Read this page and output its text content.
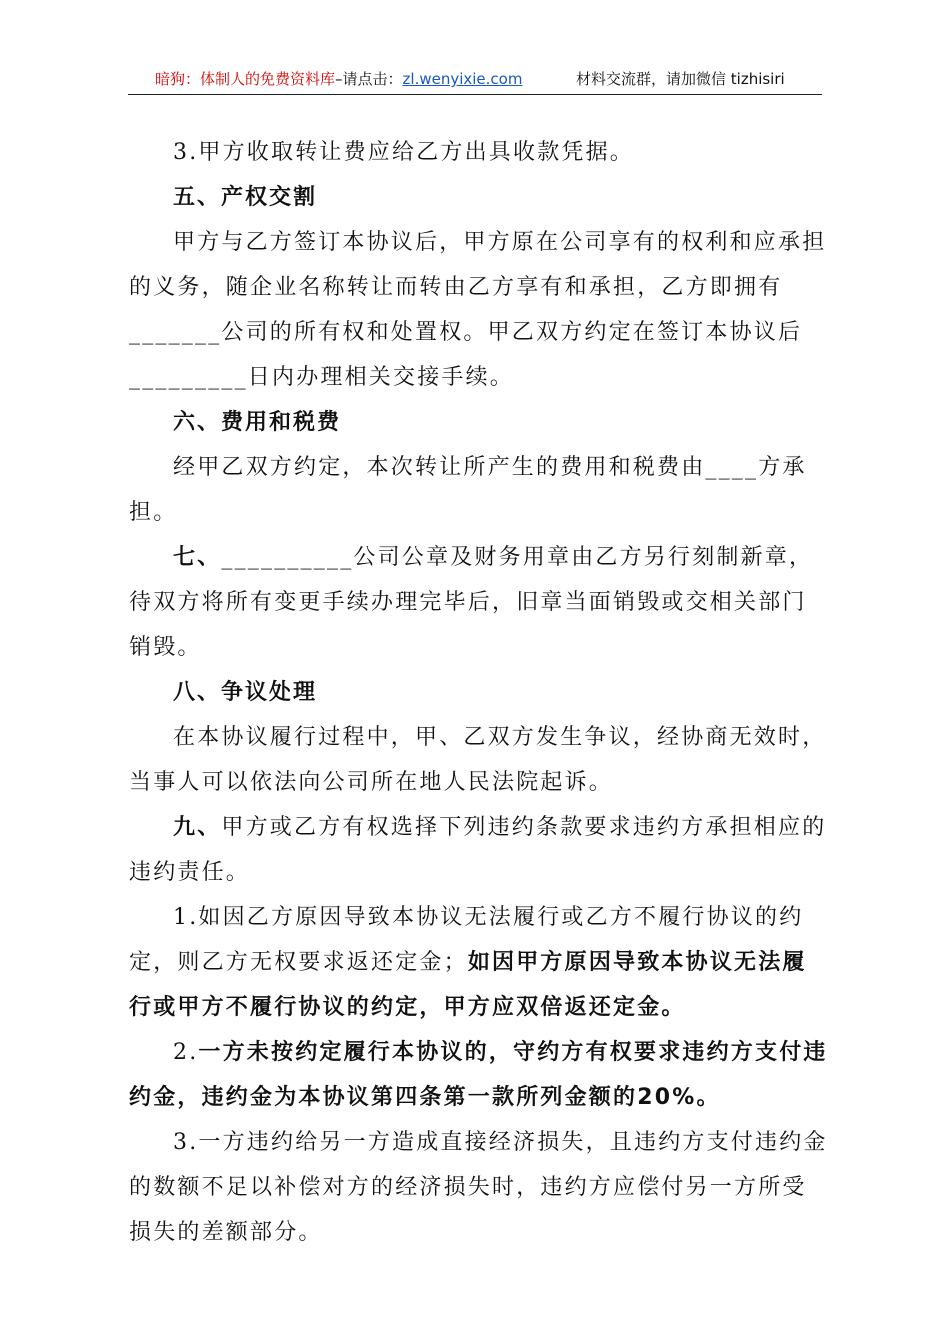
暗狗：体制人的免费资料库–请点击：zl.wenyixie.com	材料交流群，请加微信 tizhisiri

3.甲方收取转让费应给乙方出具收款凭据。

五、产权交割

甲方与乙方签订本协议后，甲方原在公司享有的权利和应承担的义务，随企业名称转让而转由乙方享有和承担，乙方即拥有_______公司的所有权和处置权。甲乙双方约定在签订本协议后_________日内办理相关交接手续。

六、费用和税费

经甲乙双方约定，本次转让所产生的费用和税费由____方承担。

七、__________公司公章及财务用章由乙方另行刻制新章，待双方将所有变更手续办理完毕后，旧章当面销毁或交相关部门销毁。

八、争议处理

在本协议履行过程中，甲、乙双方发生争议，经协商无效时，当事人可以依法向公司所在地人民法院起诉。

九、甲方或乙方有权选择下列违约条款要求违约方承担相应的违约责任。

1.如因乙方原因导致本协议无法履行或乙方不履行协议的约定，则乙方无权要求返还定金；如因甲方原因导致本协议无法履行或甲方不履行协议的约定，甲方应双倍返还定金。

2.一方未按约定履行本协议的，守约方有权要求违约方支付违约金，违约金为本协议第四条第一款所列金额的20%。

3.一方违约给另一方造成直接经济损失，且违约方支付违约金的数额不足以补偿对方的经济损失时，违约方应偿付另一方所受损失的差额部分。
